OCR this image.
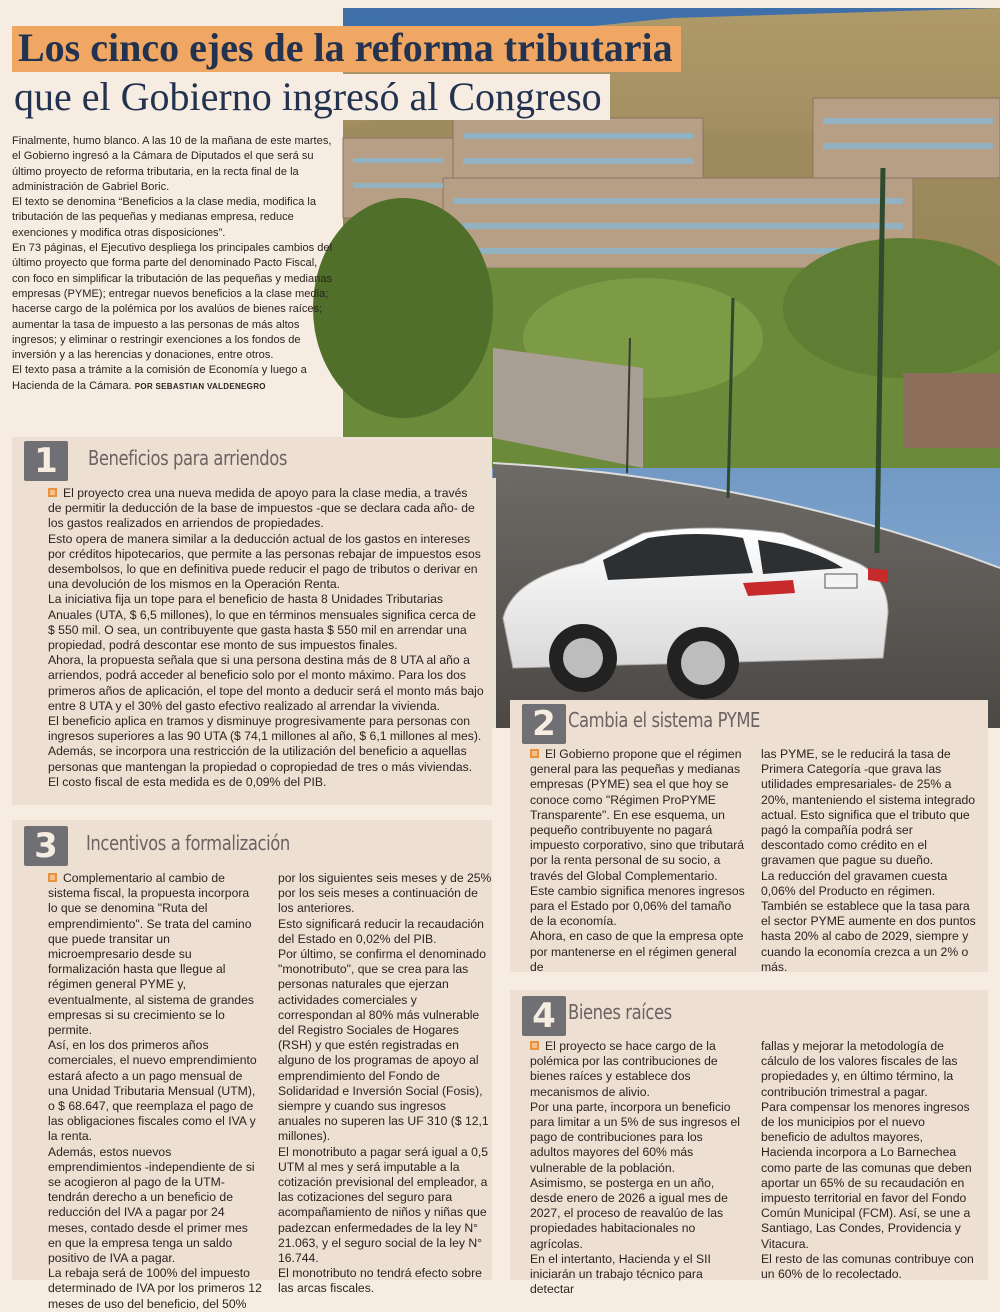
Los cinco ejes de la reforma tributaria
que el Gobierno ingresó al Congreso

Finalmente, humo blanco. A las 10 de la mañana de este martes, el Gobierno ingresó a la Cámara de Diputados el que será su último proyecto de reforma tributaria, en la recta final de la administración de Gabriel Boric.

El texto se denomina “Beneficios a la clase media, modifica la tributación de las pequeñas y medianas empresa, reduce exenciones y modifica otras disposiciones”.

En 73 páginas, el Ejecutivo despliega los principales cambios del último proyecto que forma parte del denominado Pacto Fiscal, con foco en simplificar la tributación de las pequeñas y medianas empresas (PYME); entregar nuevos beneficios a la clase media; hacerse cargo de la polémica por los avalúos de bienes raíces; aumentar la tasa de impuesto a las personas de más altos ingresos; y eliminar o restringir exenciones a los fondos de inversión y a las herencias y donaciones, entre otros.

El texto pasa a trámite a la comisión de Economía y luego a Hacienda de la Cámara. POR SEBASTIAN VALDENEGRO

1	Beneficios para arriendos

El proyecto crea una nueva medida de apoyo para la clase media, a través de permitir la deducción de la base de impuestos -que se declara cada año- de los gastos realizados en arriendos de propiedades.

Esto opera de manera similar a la deducción actual de los gastos en intereses por créditos hipotecarios, que permite a las personas rebajar de impuestos esos desembolsos, lo que en definitiva puede reducir el pago de tributos o derivar en una devolución de los mismos en la Operación Renta.

La iniciativa fija un tope para el beneficio de hasta 8 Unidades Tributarias Anuales (UTA, $ 6,5 millones), lo que en términos mensuales significa cerca de $ 550 mil. O sea, un contribuyente que gasta hasta $ 550 mil en arrendar una propiedad, podrá descontar ese monto de sus impuestos finales.

Ahora, la propuesta señala que si una persona destina más de 8 UTA al año a arriendos, podrá acceder al beneficio solo por el monto máximo. Para los dos primeros años de aplicación, el tope del monto a deducir será el monto más bajo entre 8 UTA y el 30% del gasto efectivo realizado al arrendar la vivienda.

El beneficio aplica en tramos y disminuye progresivamente para personas con ingresos superiores a las 90 UTA ($ 74,1 millones al año, $ 6,1 millones al mes). Además, se incorpora una restricción de la utilización del beneficio a aquellas personas que mantengan la propiedad o copropiedad de tres o más viviendas.

El costo fiscal de esta medida es de 0,09% del PIB.

2 Cambia el sistema PYME

El Gobierno propone que el régimen general para las pequeñas y medianas empresas (PYME) sea el que hoy se conoce como "Régimen ProPYME Transparente". En ese esquema, un pequeño contribuyente no pagará impuesto corporativo, sino que tributará por la renta personal de su socio, a través del Global Complementario.

Este cambio significa menores ingresos para el Estado por 0,06% del tamaño de la economía.

Ahora, en caso de que la empresa opte por mantenerse en el régimen general de

las PYME, se le reducirá la tasa de Primera Categoría -que grava las utilidades empresariales- de 25% a 20%, manteniendo el sistema integrado actual. Esto significa que el tributo que pagó la compañía podrá ser descontado como crédito en el gravamen que pague su dueño.

La reducción del gravamen cuesta 0,06% del Producto en régimen.

También se establece que la tasa para el sector PYME aumente en dos puntos hasta 20% al cabo de 2029, siempre y cuando la economía crezca a un 2% o más.

3	Incentivos a formalización

Complementario al cambio de sistema fiscal, la propuesta incorpora lo que se denomina "Ruta del emprendimiento". Se trata del camino que puede transitar un microempresario desde su formalización hasta que llegue al régimen general PYME y, eventualmente, al sistema de grandes empresas si su crecimiento se lo permite.

Así, en los dos primeros años comerciales, el nuevo emprendimiento estará afecto a un pago mensual de una Unidad Tributaria Mensual (UTM), o $ 68.647, que reemplaza el pago de las obligaciones fiscales como el IVA y la renta.

Además, estos nuevos emprendimientos -independiente de si se acogieron al pago de la UTM- tendrán derecho a un beneficio de reducción del IVA a pagar por 24 meses, contado desde el primer mes en que la empresa tenga un saldo positivo de IVA a pagar.

La rebaja será de 100% del impuesto determinado de IVA por los primeros 12 meses de uso del beneficio, del 50%

por los siguientes seis meses y de 25% por los seis meses a continuación de los anteriores.

Esto significará reducir la recaudación del Estado en 0,02% del PIB.

Por último, se confirma el denominado "monotributo", que se crea para las personas naturales que ejerzan actividades comerciales y correspondan al 80% más vulnerable del Registro Sociales de Hogares (RSH) y que estén registradas en alguno de los programas de apoyo al emprendimiento del Fondo de Solidaridad e Inversión Social (Fosis), siempre y cuando sus ingresos anuales no superen las UF 310 ($ 12,1 millones).

El monotributo a pagar será igual a 0,5 UTM al mes y será imputable a la cotización previsional del empleador, a las cotizaciones del seguro para acompañamiento de niños y niñas que padezcan enfermedades de la ley N° 21.063, y el seguro social de la ley N° 16.744.

El monotributo no tendrá efecto sobre las arcas fiscales.

4 Bienes raíces

El proyecto se hace cargo de la polémica por las contribuciones de bienes raíces y establece dos mecanismos de alivio.

Por una parte, incorpora un beneficio para limitar a un 5% de sus ingresos el pago de contribuciones para los adultos mayores del 60% más vulnerable de la población.

Asimismo, se posterga en un año, desde enero de 2026 a igual mes de 2027, el proceso de reavalúo de las propiedades habitacionales no agrícolas.

En el intertanto, Hacienda y el SII iniciarán un trabajo técnico para detectar

fallas y mejorar la metodología de cálculo de los valores fiscales de las propiedades y, en último término, la contribución trimestral a pagar.

Para compensar los menores ingresos de los municipios por el nuevo beneficio de adultos mayores, Hacienda incorpora a Lo Barnechea como parte de las comunas que deben aportar un 65% de su recaudación en impuesto territorial en favor del Fondo Común Municipal (FCM). Así, se une a Santiago, Las Condes, Providencia y Vitacura.

El resto de las comunas contribuye con un 60% de lo recolectado.
